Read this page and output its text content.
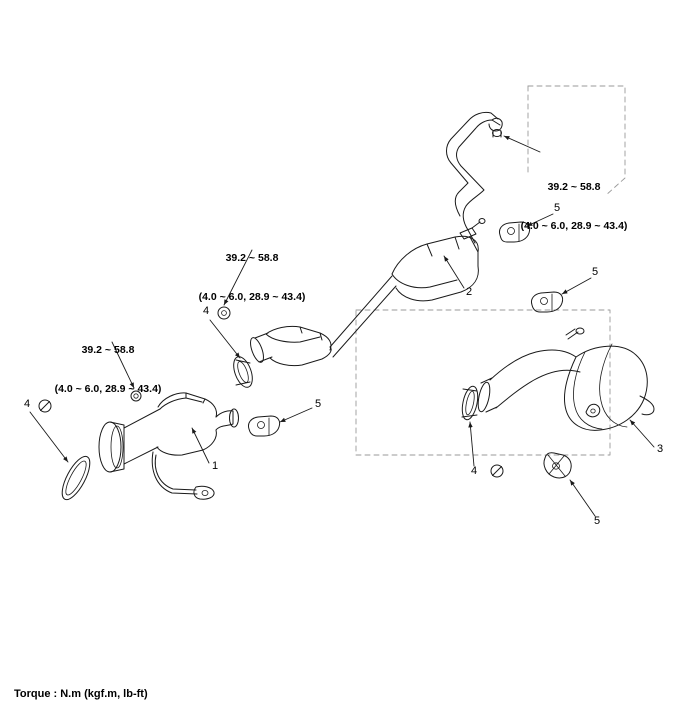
39.2 ~ 58.8

(4.0 ~ 6.0, 28.9 ~ 43.4)

39.2 ~ 58.8

(4.0 ~ 6.0, 28.9 ~ 43.4)

39.2 ~ 58.8

(4.0 ~ 6.0, 28.9 ~ 43.4)

1
2
3
4
4
4
5
5
5
5
Torque : N.m (kgf.m, lb-ft)
